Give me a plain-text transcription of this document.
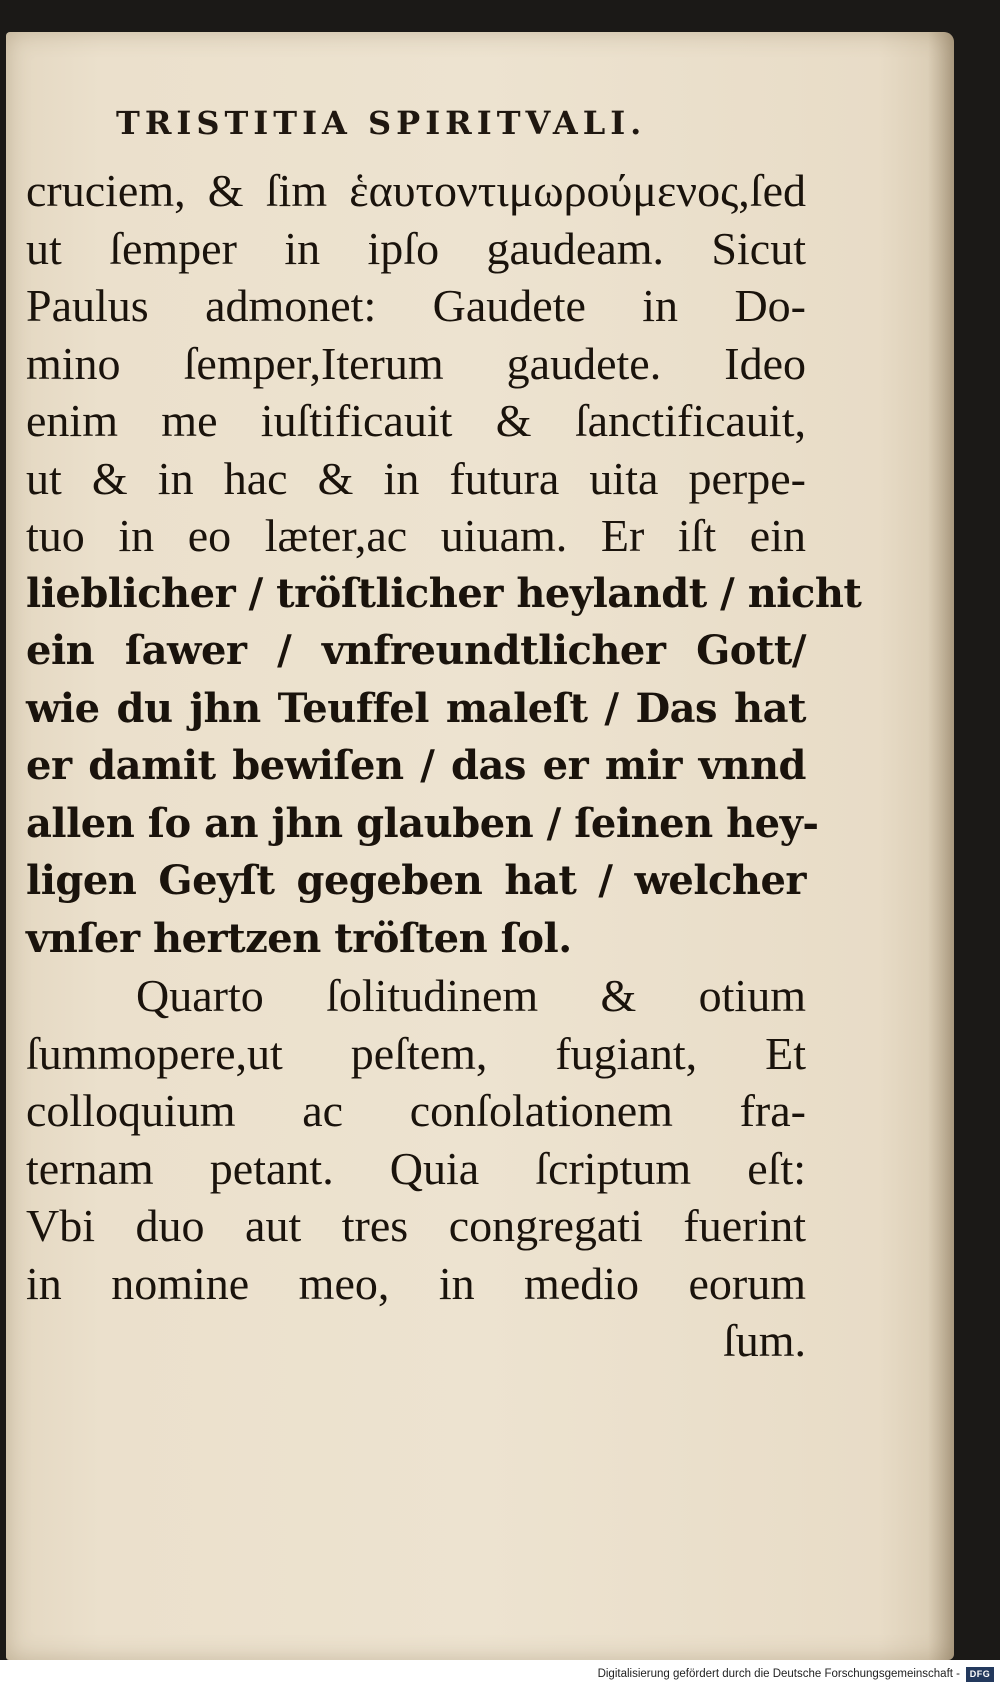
TRISTITIA SPIRITVALI.
cruciem, & ſim ἑαυτοντιμωρούμενος,ſed
ut ſemper in ipſo gaudeam. Sicut
Paulus admonet: Gaudete in Do-
mino ſemper,Iterum gaudete. Ideo
enim me iuſtificauit & ſanctificauit,
ut & in hac & in futura uita perpe-
tuo in eo læter,ac uiuam. Er iſt ein
lieblicher / tröſtlicher heylandt / nicht
ein ſawer / vnfreundtlicher Gott/
wie du jhn Teuffel maleſt / Das hat
er damit bewiſen / das er mir vnnd
allen ſo an jhn glauben / ſeinen hey-
ligen Geyſt gegeben hat / welcher
vnſer hertzen tröſten ſol.
Quarto ſolitudinem & otium
ſummopere,ut peſtem, fugiant, Et
colloquium ac conſolationem fra-
ternam petant. Quia ſcriptum eſt:
Vbi duo aut tres congregati fuerint
in nomine meo, in medio eorum
ſum.
Digitalisierung gefördert durch die Deutsche Forschungsgemeinschaft -	DFG
